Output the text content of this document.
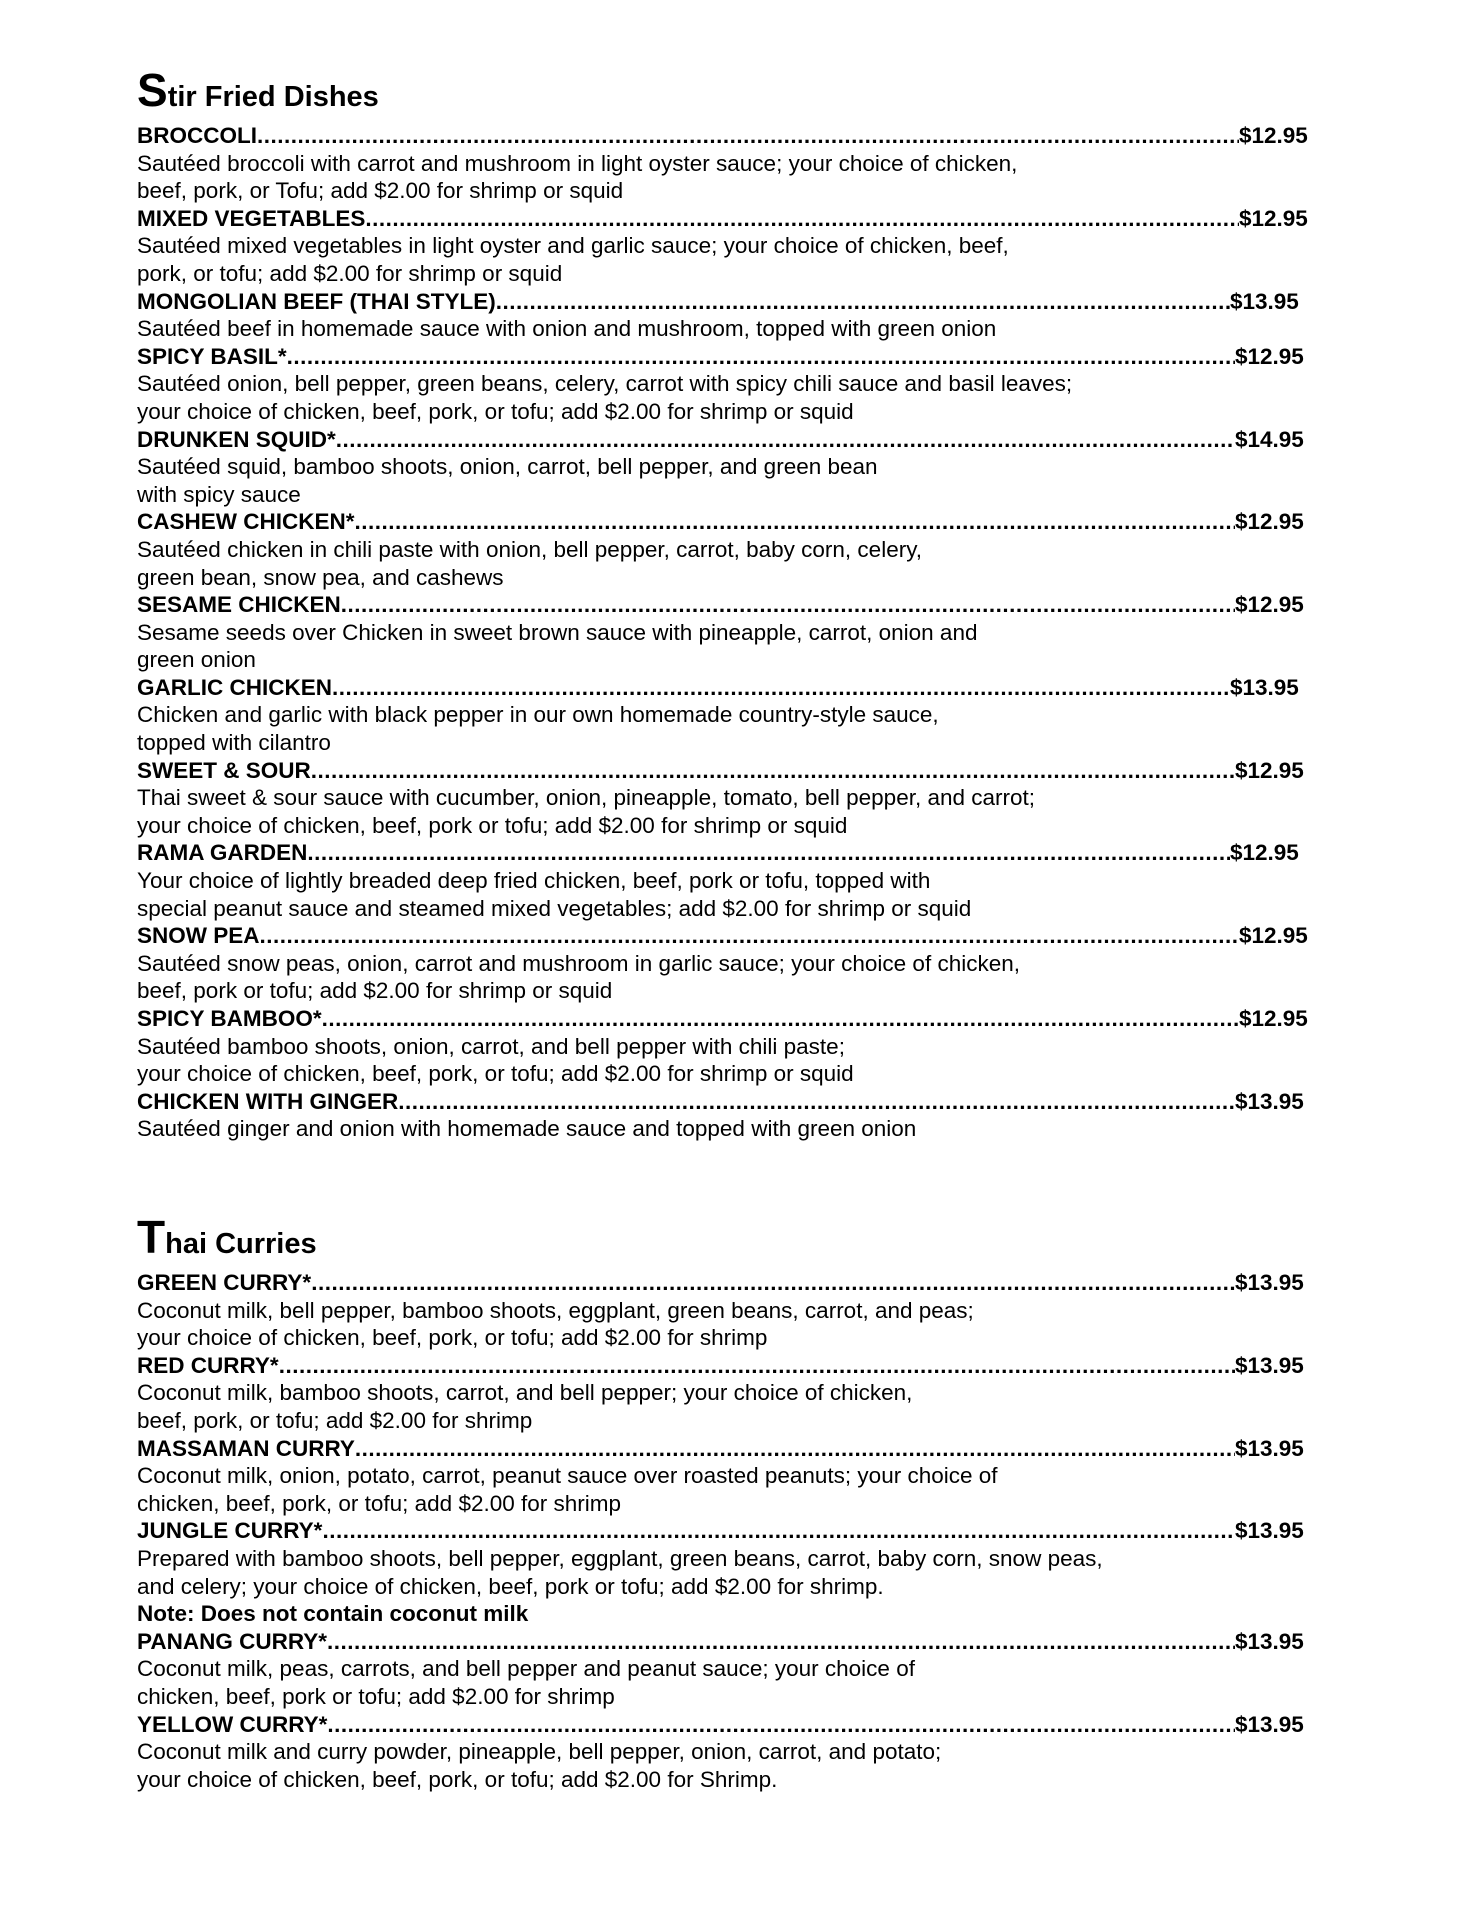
Stir Fried Dishes
BROCCOLI .....	$12.95
Sautéed broccoli with carrot and mushroom in light oyster sauce; your choice of chicken,
beef, pork, or Tofu; add $2.00 for shrimp or squid
MIXED VEGETABLES .....	$12.95
Sautéed mixed vegetables in light oyster and garlic sauce; your choice of chicken, beef,
pork, or tofu; add $2.00 for shrimp or squid
MONGOLIAN BEEF (THAI STYLE) .....	$13.95
Sautéed beef in homemade sauce with onion and mushroom, topped with green onion
SPICY BASIL* .....	$12.95
Sautéed onion, bell pepper, green beans, celery, carrot with spicy chili sauce and basil leaves;
your choice of chicken, beef, pork, or tofu; add $2.00 for shrimp or squid
DRUNKEN SQUID* .....	$14.95
Sautéed squid, bamboo shoots, onion, carrot, bell pepper, and green bean
with spicy sauce
CASHEW CHICKEN* .....	$12.95
Sautéed chicken in chili paste with onion, bell pepper, carrot, baby corn, celery,
green bean, snow pea, and cashews
SESAME CHICKEN .....	$12.95
Sesame seeds over Chicken in sweet brown sauce with pineapple, carrot, onion and
green onion
GARLIC CHICKEN .....	$13.95
Chicken and garlic with black pepper in our own homemade country-style sauce,
topped with cilantro
SWEET & SOUR .....	$12.95
Thai sweet & sour sauce with cucumber, onion, pineapple, tomato, bell pepper, and carrot;
your choice of chicken, beef, pork or tofu; add $2.00 for shrimp or squid
RAMA GARDEN .....	$12.95
Your choice of lightly breaded deep fried chicken, beef, pork or tofu, topped with
special peanut sauce and steamed mixed vegetables; add $2.00 for shrimp or squid
SNOW PEA .....	$12.95
Sautéed snow peas, onion, carrot and mushroom in garlic sauce; your choice of chicken,
beef, pork or tofu; add $2.00 for shrimp or squid
SPICY BAMBOO* .....	$12.95
Sautéed bamboo shoots, onion, carrot, and bell pepper with chili paste;
your choice of chicken, beef, pork, or tofu; add $2.00 for shrimp or squid
CHICKEN WITH GINGER .....	$13.95
Sautéed ginger and onion with homemade sauce and topped with green onion
Thai Curries
GREEN CURRY* .....	$13.95
Coconut milk, bell pepper, bamboo shoots, eggplant, green beans, carrot, and peas;
your choice of chicken, beef, pork, or tofu; add $2.00 for shrimp
RED CURRY* .....	$13.95
Coconut milk, bamboo shoots, carrot, and bell pepper; your choice of chicken,
beef, pork, or tofu; add $2.00 for shrimp
MASSAMAN CURRY .....	$13.95
Coconut milk, onion, potato, carrot, peanut sauce over roasted peanuts; your choice of
chicken, beef, pork, or tofu; add $2.00 for shrimp
JUNGLE CURRY* .....	$13.95
Prepared with bamboo shoots, bell pepper, eggplant, green beans, carrot, baby corn, snow peas,
and celery; your choice of chicken, beef, pork or tofu; add $2.00 for shrimp.
Note: Does not contain coconut milk
PANANG CURRY* .....	$13.95
Coconut milk, peas, carrots, and bell pepper and peanut sauce; your choice of
chicken, beef, pork or tofu; add $2.00 for shrimp
YELLOW CURRY* .....	$13.95
Coconut milk and curry powder, pineapple, bell pepper, onion, carrot, and potato;
your choice of chicken, beef, pork, or tofu; add $2.00 for Shrimp.
